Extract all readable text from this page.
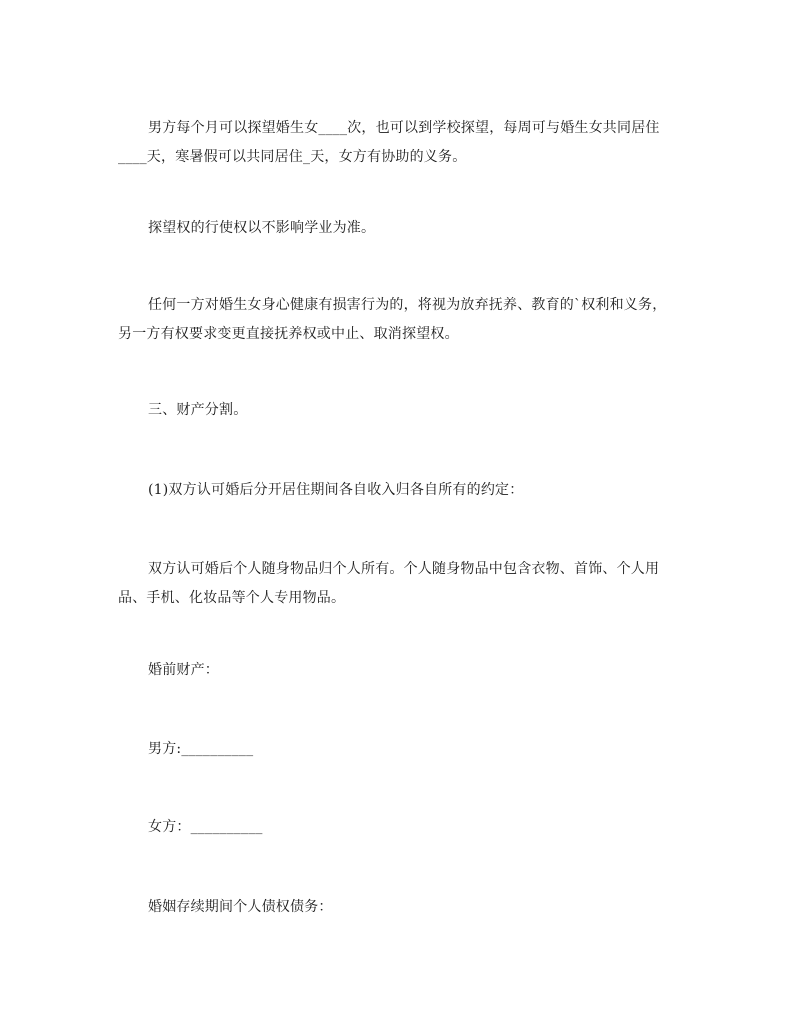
男方每个月可以探望婚生女____次，也可以到学校探望，每周可与婚生女共同居住____天，寒暑假可以共同居住_天，女方有协助的义务。

探望权的行使权以不影响学业为准。

任何一方对婚生女身心健康有损害行为的，将视为放弃抚养、教育的`权利和义务，另一方有权要求变更直接抚养权或中止、取消探望权。

三、财产分割。

(1)双方认可婚后分开居住期间各自收入归各自所有的约定：

双方认可婚后个人随身物品归个人所有。个人随身物品中包含衣物、首饰、个人用品、手机、化妆品等个人专用物品。

婚前财产：

男方:__________

女方：__________

婚姻存续期间个人债权债务：
